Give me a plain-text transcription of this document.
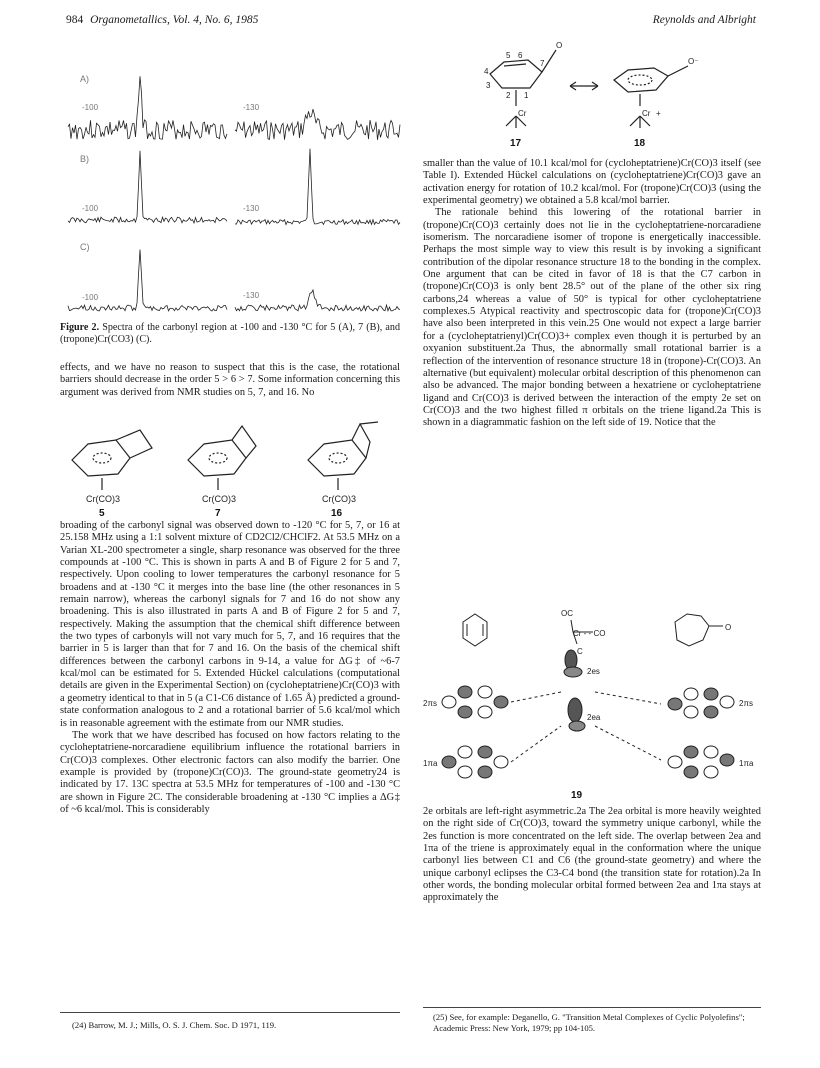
984 Organometallics, Vol. 4, No. 6, 1985	Reynolds and Albright
A)
B)
C)
-100	-130
-100	-130
-100	-130
Figure 2. Spectra of the carbonyl region at -100 and -130 °C for 5 (A), 7 (B), and (tropone)Cr(CO3) (C).

effects, and we have no reason to suspect that this is the case, the rotational barriers should decrease in the order 5 > 6 > 7. Some information concerning this argument was derived from NMR studies on 5, 7, and 16. No

Cr(CO)3	Cr(CO)3	Cr(CO)3
5	7	16

broading of the carbonyl signal was observed down to -120 °C for 5, 7, or 16 at 25.158 MHz using a 1:1 solvent mixture of CD2Cl2/CHClF2. At 53.5 MHz on a Varian XL-200 spectrometer a single, sharp resonance was observed for the three compounds at -100 °C. This is shown in parts A and B of Figure 2 for 5 and 7, respectively. Upon cooling to lower temperatures the carbonyl resonance for 5 broadens and at -130 °C it merges into the base line (the other resonances in 5 remain narrow), whereas the carbonyl signals for 7 and 16 do not show any broadening. This is also illustrated in parts A and B of Figure 2 for 5 and 7, respectively. Making the assumption that the chemical shift difference between the two types of carbonyls will not vary much for 5, 7, and 16 requires that the barrier in 5 is larger than that for 7 and 16. On the basis of the chemical shift differences between the carbonyl carbons in 9-14, a value for ΔG‡ of ~6-7 kcal/mol can be estimated for 5. Extended Hückel calculations (computational details are given in the Experimental Section) on (cycloheptatriene)Cr(CO)3 with a geometry identical to that in 5 (a C1-C6 distance of 1.65 Å) predicted a ground-state conformation analogous to 2 and a rotational barrier of 5.6 kcal/mol which is in reasonable agreement with the estimate from our NMR studies.

The work that we have described has focused on how factors relating to the cycloheptatriene-norcaradiene equilibrium influence the rotational barriers in Cr(CO)3 complexes. Other electronic factors can also modify the barrier. One example is provided by (tropone)Cr(CO)3. The ground-state geometry24 is indicated by 17. 13C spectra at 53.5 MHz for temperatures of -100 and -130 °C are shown in Figure 2C. The considerable broadening at -130 °C implies a ΔG‡ of ~6 kcal/mol. This is considerably

(24) Barrow, M. J.; Mills, O. S. J. Chem. Soc. D 1971, 119.
O
5 6
4
7
3
2 1
Cr
O⁻
Cr +
17	18

smaller than the value of 10.1 kcal/mol for (cycloheptatriene)Cr(CO)3 itself (see Table I). Extended Hückel calculations on (cycloheptatriene)Cr(CO)3 gave an activation energy for rotation of 10.2 kcal/mol. For (tropone)Cr(CO)3 (using the experimental geometry) we obtained a 5.8 kcal/mol barrier.

The rationale behind this lowering of the rotational barrier in (tropone)Cr(CO)3 certainly does not lie in the cycloheptatriene-norcaradiene isomerism. The norcaradiene isomer of tropone is energetically inaccessible. Perhaps the most simple way to view this result is by invoking a significant contribution of the dipolar resonance structure 18 to the bonding in the complex. One argument that can be cited in favor of 18 is that the C7 carbon in (tropone)Cr(CO)3 is only bent 28.5° out of the plane of the other six ring carbons,24 whereas a value of 50° is typical for other cycloheptatriene complexes.5 Atypical reactivity and spectroscopic data for (tropone)Cr(CO)3 have also been interpreted in this vein.25 One would not expect a large barrier for a (cycloheptatrienyl)Cr(CO)3+ complex even though it is perturbed by an oxyanion substituent.2a Thus, the abnormally small rotational barrier is a reflection of the intervention of resonance structure 18 in (tropone)-Cr(CO)3. An alternative (but equivalent) molecular orbital description of this phenomenon can also be advanced. The major bonding between a hexatriene or cycloheptatriene ligand and Cr(CO)3 is derived between the interaction of the empty 2e set on Cr(CO)3 and the two highest filled π orbitals on the triene ligand.2a This is shown in a diagrammatic fashion on the left side of 19. Notice that the

OC
Cr - - CO
C
O
2es
2ea
2πs
1πa
2πs
1πa
19

2e orbitals are left-right asymmetric.2a The 2ea orbital is more heavily weighted on the right side of Cr(CO)3, toward the symmetry unique carbonyl, while the 2es function is more concentrated on the left side. The overlap between 2ea and 1πa of the triene is approximately equal in the conformation where the unique carbonyl lies between C1 and C6 (the ground-state geometry) and where the unique carbonyl eclipses the C3-C4 bond (the transition state for rotation).2a In other words, the bonding molecular orbital formed between 2ea and 1πa stays at approximately the

(25) See, for example: Deganello, G. "Transition Metal Complexes of Cyclic Polyolefins"; Academic Press: New York, 1979; pp 104-105.
